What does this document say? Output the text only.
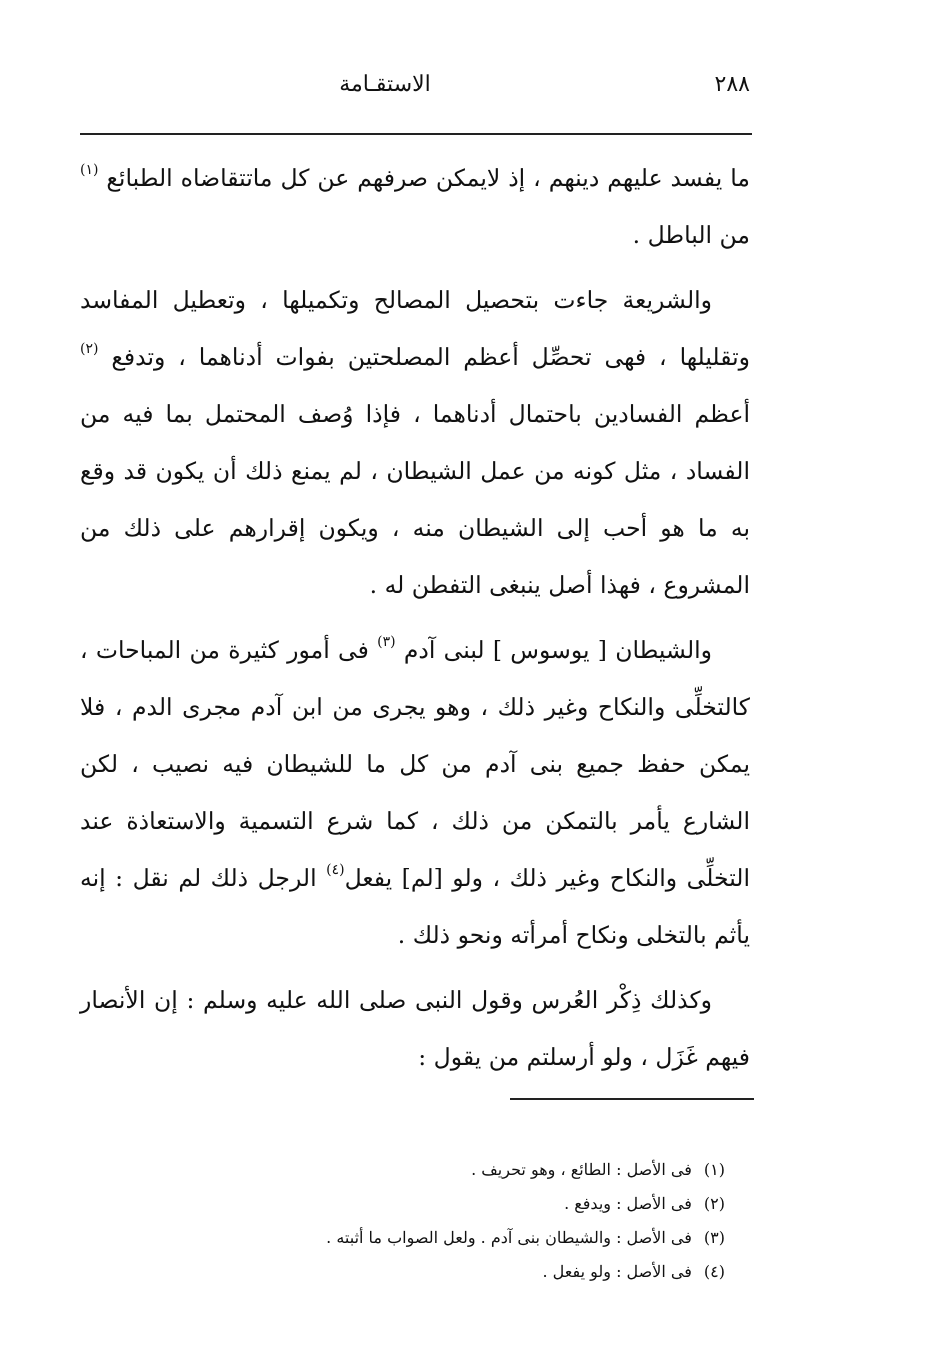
٢٨٨
الاستقـامة

ما يفسد عليهم دينهم ، إذ لايمكن صرفهم عن كل ماتتقاضاه الطبائع $^{(١)}$ من الباطل .

والشريعة جاءت بتحصيل المصالح وتكميلها ، وتعطيل المفاسد وتقليلها ، فهى تحصِّل أعظم المصلحتين بفوات أدناهما ، وتدفع $^{(٢)}$ أعظم الفسادين باحتمال أدناهما ، فإذا وُصف المحتمل بما فيه من الفساد ، مثل كونه من عمل الشيطان ، لم يمنع ذلك أن يكون قد وقع به ما هو أحب إلى الشيطان منه ، ويكون إقرارهم على ذلك من المشروع ، فهذا أصل ينبغى التفطن له .

والشيطان [ يوسوس ] لبنى آدم $^{(٣)}$ فى أمور كثيرة من المباحات ، كالتخلِّى والنكاح وغير ذلك ، وهو يجرى من ابن آدم مجرى الدم ، فلا يمكن حفظ جميع بنى آدم من كل ما للشيطان فيه نصيب ، لكن الشارع يأمر بالتمكن من ذلك ، كما شرع التسمية والاستعاذة عند التخلِّى والنكاح وغير ذلك ، ولو [لم] يفعل$^{(٤)}$ الرجل ذلك لم نقل : إنه يأثم بالتخلى ونكاح أمرأته ونحو ذلك .

وكذلك ذِكْر العُرس وقول النبى صلى الله عليه وسلم : إن الأنصار فيهم غَزَل ، ولو أرسلتم من يقول :

(١)فى الأصل : الطائع ، وهو تحريف .
(٢)فى الأصل : ويدفع .
(٣)فى الأصل : والشيطان بنى آدم . ولعل الصواب ما أثبته .
(٤)فى الأصل : ولو يفعل .
